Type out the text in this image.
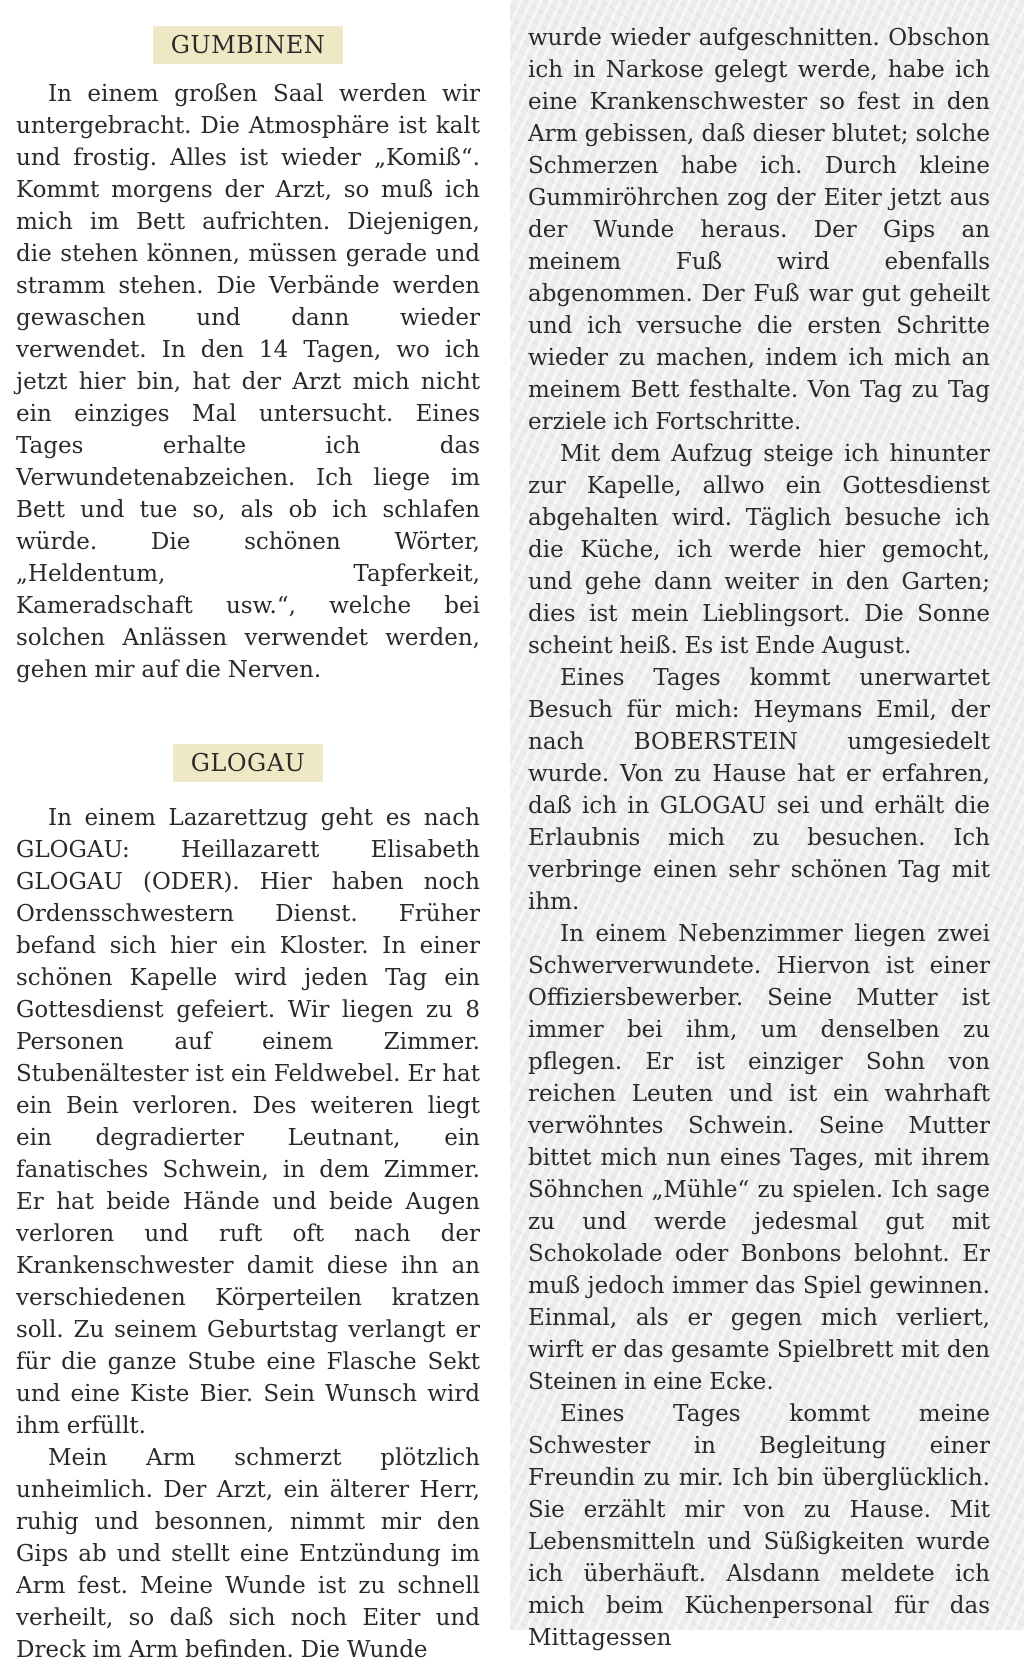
GUMBINEN

In einem großen Saal werden wir untergebracht. Die Atmosphäre ist kalt und frostig. Alles ist wieder „Komiß“. Kommt morgens der Arzt, so muß ich mich im Bett aufrichten. Diejenigen, die stehen können, müssen gerade und stramm stehen. Die Verbände werden gewaschen und dann wieder verwendet. In den 14 Tagen, wo ich jetzt hier bin, hat der Arzt mich nicht ein einziges Mal untersucht. Eines Tages erhalte ich das Verwundetenabzeichen. Ich liege im Bett und tue so, als ob ich schlafen würde. Die schönen Wörter, „Heldentum, Tapferkeit, Kameradschaft usw.“, welche bei solchen Anlässen verwendet werden, gehen mir auf die Nerven.

GLOGAU

In einem Lazarettzug geht es nach GLOGAU: Heillazarett Elisabeth GLOGAU (ODER). Hier haben noch Ordensschwestern Dienst. Früher befand sich hier ein Kloster. In einer schönen Kapelle wird jeden Tag ein Gottesdienst gefeiert. Wir liegen zu 8 Personen auf einem Zimmer. Stubenältester ist ein Feldwebel. Er hat ein Bein verloren. Des weiteren liegt ein degradierter Leutnant, ein fanatisches Schwein, in dem Zimmer. Er hat beide Hände und beide Augen verloren und ruft oft nach der Krankenschwester damit diese ihn an verschiedenen Körperteilen kratzen soll. Zu seinem Geburtstag verlangt er für die ganze Stube eine Flasche Sekt und eine Kiste Bier. Sein Wunsch wird ihm erfüllt.

Mein Arm schmerzt plötzlich unheimlich. Der Arzt, ein älterer Herr, ruhig und besonnen, nimmt mir den Gips ab und stellt eine Entzündung im Arm fest. Meine Wunde ist zu schnell verheilt, so daß sich noch Eiter und Dreck im Arm befinden. Die Wunde

wurde wieder aufgeschnitten. Obschon ich in Narkose gelegt werde, habe ich eine Krankenschwester so fest in den Arm gebissen, daß dieser blutet; solche Schmerzen habe ich. Durch kleine Gummiröhrchen zog der Eiter jetzt aus der Wunde heraus. Der Gips an meinem Fuß wird ebenfalls abgenommen. Der Fuß war gut geheilt und ich versuche die ersten Schritte wieder zu machen, indem ich mich an meinem Bett festhalte. Von Tag zu Tag erziele ich Fortschritte.

Mit dem Aufzug steige ich hinunter zur Kapelle, allwo ein Gottesdienst abgehalten wird. Täglich besuche ich die Küche, ich werde hier gemocht, und gehe dann weiter in den Garten; dies ist mein Lieblingsort. Die Sonne scheint heiß. Es ist Ende August.

Eines Tages kommt unerwartet Besuch für mich: Heymans Emil, der nach BOBERSTEIN umgesiedelt wurde. Von zu Hause hat er erfahren, daß ich in GLOGAU sei und erhält die Erlaubnis mich zu besuchen. Ich verbringe einen sehr schönen Tag mit ihm.

In einem Nebenzimmer liegen zwei Schwerverwundete. Hiervon ist einer Offiziersbewerber. Seine Mutter ist immer bei ihm, um denselben zu pflegen. Er ist einziger Sohn von reichen Leuten und ist ein wahrhaft verwöhntes Schwein. Seine Mutter bittet mich nun eines Tages, mit ihrem Söhnchen „Mühle“ zu spielen. Ich sage zu und werde jedesmal gut mit Schokolade oder Bonbons belohnt. Er muß jedoch immer das Spiel gewinnen. Einmal, als er gegen mich verliert, wirft er das gesamte Spielbrett mit den Steinen in eine Ecke.

Eines Tages kommt meine Schwester in Begleitung einer Freundin zu mir. Ich bin überglücklich. Sie erzählt mir von zu Hause. Mit Lebensmitteln und Süßigkeiten wurde ich überhäuft. Alsdann meldete ich mich beim Küchenpersonal für das Mittagessen
